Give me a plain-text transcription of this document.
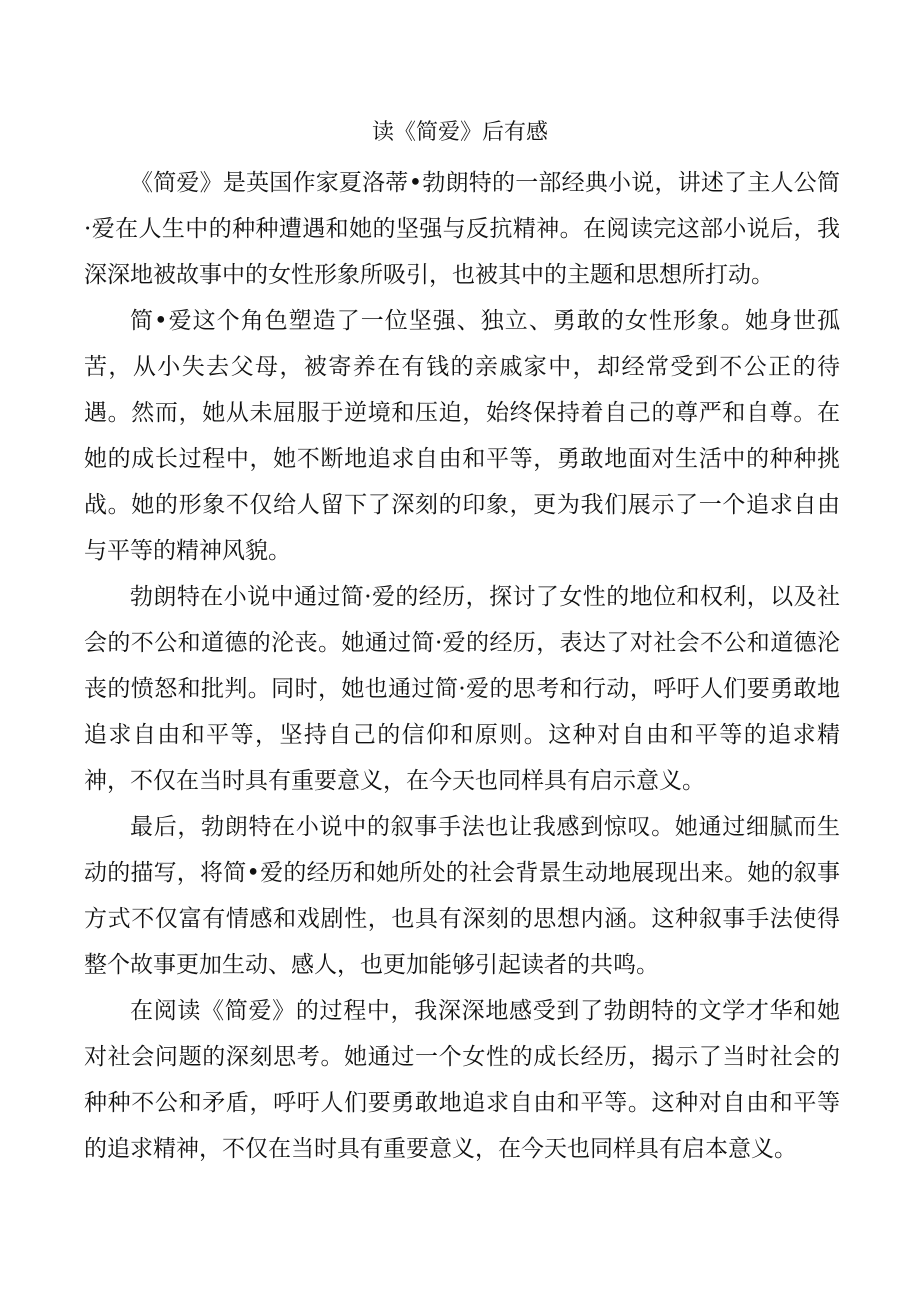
读《简爱》后有感

《简爱》是英国作家夏洛蒂•勃朗特的一部经典小说，讲述了主人公简·爱在人生中的种种遭遇和她的坚强与反抗精神。在阅读完这部小说后，我深深地被故事中的女性形象所吸引，也被其中的主题和思想所打动。

简•爱这个角色塑造了一位坚强、独立、勇敢的女性形象。她身世孤苦，从小失去父母，被寄养在有钱的亲戚家中，却经常受到不公正的待遇。然而，她从未屈服于逆境和压迫，始终保持着自己的尊严和自尊。在她的成长过程中，她不断地追求自由和平等，勇敢地面对生活中的种种挑战。她的形象不仅给人留下了深刻的印象，更为我们展示了一个追求自由与平等的精神风貌。

勃朗特在小说中通过简·爱的经历，探讨了女性的地位和权利，以及社会的不公和道德的沦丧。她通过简·爱的经历，表达了对社会不公和道德沦丧的愤怒和批判。同时，她也通过简·爱的思考和行动，呼吁人们要勇敢地追求自由和平等，坚持自己的信仰和原则。这种对自由和平等的追求精神，不仅在当时具有重要意义，在今天也同样具有启示意义。

最后，勃朗特在小说中的叙事手法也让我感到惊叹。她通过细腻而生动的描写，将简•爱的经历和她所处的社会背景生动地展现出来。她的叙事方式不仅富有情感和戏剧性，也具有深刻的思想内涵。这种叙事手法使得整个故事更加生动、感人，也更加能够引起读者的共鸣。

在阅读《简爱》的过程中，我深深地感受到了勃朗特的文学才华和她对社会问题的深刻思考。她通过一个女性的成长经历，揭示了当时社会的种种不公和矛盾，呼吁人们要勇敢地追求自由和平等。这种对自由和平等的追求精神，不仅在当时具有重要意义，在今天也同样具有启本意义。
